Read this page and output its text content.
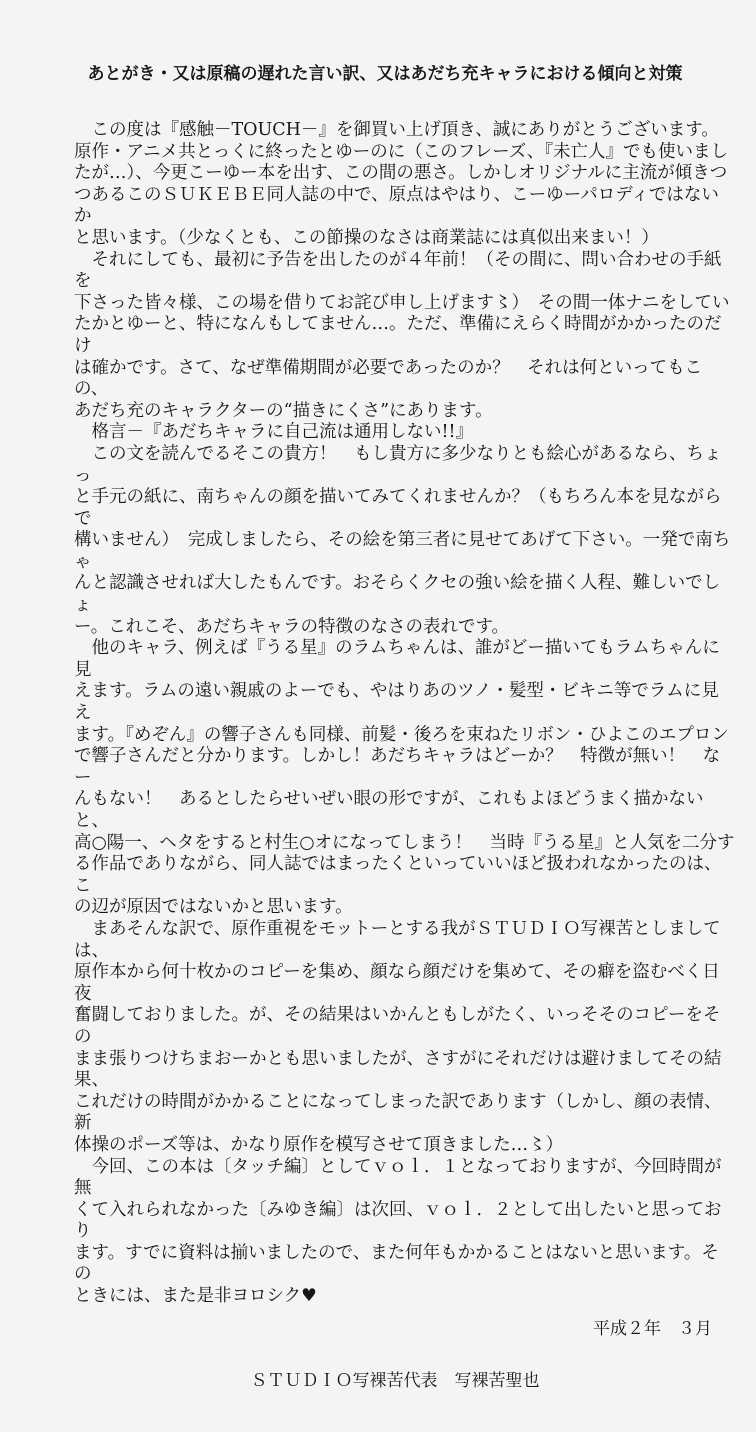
あとがき・又は原稿の遅れた言い訳、又はあだち充キャラにおける傾向と対策
　この度は『感触－TOUCH－』を御買い上げ頂き、誠にありがとうございます。
原作・アニメ共とっくに終ったとゆーのに（このフレーズ、『未亡人』でも使いまし
たが…）、今更こーゆー本を出す、この間の悪さ。しかしオリジナルに主流が傾きつ
つあるこのＳＵＫＥＢＥ同人誌の中で、原点はやはり、こーゆーパロディではないか
と思います。（少なくとも、この節操のなさは商業誌には真似出来まい！）
　それにしても、最初に予告を出したのが４年前！（その間に、問い合わせの手紙を
下さった皆々様、この場を借りてお詫び申し上げます〻）　その間一体ナニをしてい
たかとゆーと、特になんもしてません…。ただ、準備にえらく時間がかかったのだけ
は確かです。さて、なぜ準備期間が必要であったのか？　それは何といってもこの、
あだち充のキャラクターの“描きにくさ”にあります。
　格言－『あだちキャラに自己流は通用しない!!』
　この文を読んでるそこの貴方！　もし貴方に多少なりとも絵心があるなら、ちょっ
と手元の紙に、南ちゃんの顔を描いてみてくれませんか？（もちろん本を見ながらで
構いません）　完成しましたら、その絵を第三者に見せてあげて下さい。一発で南ちゃ
んと認識させれば大したもんです。おそらくクセの強い絵を描く人程、難しいでしょ
ー。これこそ、あだちキャラの特徴のなさの表れです。
　他のキャラ、例えば『うる星』のラムちゃんは、誰がどー描いてもラムちゃんに見
えます。ラムの遠い親戚のよーでも、やはりあのツノ・髪型・ビキニ等でラムに見え
ます。『めぞん』の響子さんも同様、前髪・後ろを束ねたリボン・ひよこのエプロン
で響子さんだと分かります。しかし！あだちキャラはどーか？　特徴が無い！　なー
んもない！　あるとしたらせいぜい眼の形ですが、これもよほどうまく描かないと、
高○陽一、ヘタをすると村生○オになってしまう！　当時『うる星』と人気を二分す
る作品でありながら、同人誌ではまったくといっていいほど扱われなかったのは、こ
の辺が原因ではないかと思います。
　まあそんな訳で、原作重視をモットーとする我がＳＴＵＤＩＯ写裸苦としましては、
原作本から何十枚かのコピーを集め、顔なら顔だけを集めて、その癖を盗むべく日夜
奮闘しておりました。が、その結果はいかんともしがたく、いっそそのコピーをその
まま張りつけちまおーかとも思いましたが、さすがにそれだけは避けましてその結果、
これだけの時間がかかることになってしまった訳であります（しかし、顔の表情、新
体操のポーズ等は、かなり原作を模写させて頂きました…〻）
　今回、この本は〔タッチ編〕としてｖｏｌ．１となっておりますが、今回時間が無
くて入れられなかった〔みゆき編〕は次回、ｖｏｌ．２として出したいと思っており
ます。すでに資料は揃いましたので、また何年もかかることはないと思います。その
ときには、また是非ヨロシク♥
平成２年　３月
ＳＴＵＤＩＯ写裸苦代表　写裸苦聖也
